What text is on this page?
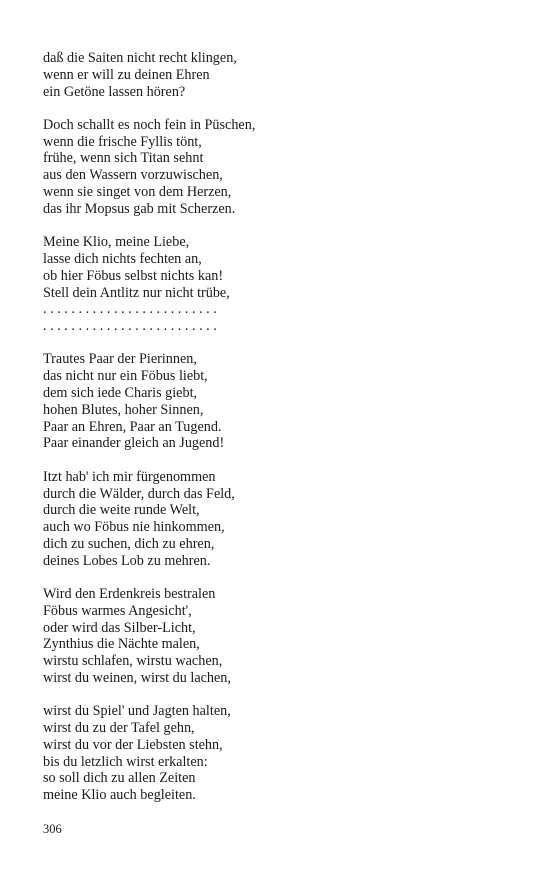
daß die Saiten nicht recht klingen,
wenn er will zu deinen Ehren
ein Getöne lassen hören?
Doch schallt es noch fein in Püschen,
wenn die frische Fyllis tönt,
frühe, wenn sich Titan sehnt
aus den Wassern vorzuwischen,
wenn sie singet von dem Herzen,
das ihr Mopsus gab mit Scherzen.
Meine Klio, meine Liebe,
lasse dich nichts fechten an,
ob hier Föbus selbst nichts kan!
Stell dein Antlitz nur nicht trübe,
. . . . . . . . . . . . . . . . . . . . . . . . .
. . . . . . . . . . . . . . . . . . . . . . . . .
Trautes Paar der Pierinnen,
das nicht nur ein Föbus liebt,
dem sich iede Charis giebt,
hohen Blutes, hoher Sinnen,
Paar an Ehren, Paar an Tugend.
Paar einander gleich an Jugend!
Itzt hab' ich mir fürgenommen
durch die Wälder, durch das Feld,
durch die weite runde Welt,
auch wo Föbus nie hinkommen,
dich zu suchen, dich zu ehren,
deines Lobes Lob zu mehren.
Wird den Erdenkreis bestralen
Föbus warmes Angesicht',
oder wird das Silber-Licht,
Zynthius die Nächte malen,
wirstu schlafen, wirstu wachen,
wirst du weinen, wirst du lachen,
wirst du Spiel' und Jagten halten,
wirst du zu der Tafel gehn,
wirst du vor der Liebsten stehn,
bis du letzlich wirst erkalten:
so soll dich zu allen Zeiten
meine Klio auch begleiten.
306
